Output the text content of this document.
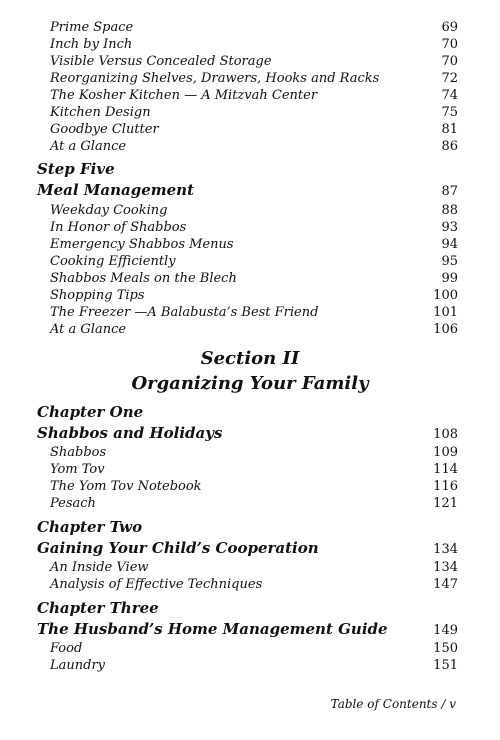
Prime Space	69
Inch by Inch	70
Visible Versus Concealed Storage	70
Reorganizing Shelves, Drawers, Hooks and Racks	72
The Kosher Kitchen — A Mitzvah Center	74
Kitchen Design	75
Goodbye Clutter	81
At a Glance	86
Step Five
Meal Management	87
Weekday Cooking	88
In Honor of Shabbos	93
Emergency Shabbos Menus	94
Cooking Efficiently	95
Shabbos Meals on the Blech	99
Shopping Tips	100
The Freezer —A Balabusta’s Best Friend	101
At a Glance	106
Section II
Organizing Your Family
Chapter One
Shabbos and Holidays	108
Shabbos	109
Yom Tov	114
The Yom Tov Notebook	116
Pesach	121
Chapter Two
Gaining Your Child’s Cooperation	134
An Inside View	134
Analysis of Effective Techniques	147
Chapter Three
The Husband’s Home Management Guide	149
Food	150
Laundry	151
Table of Contents / v
